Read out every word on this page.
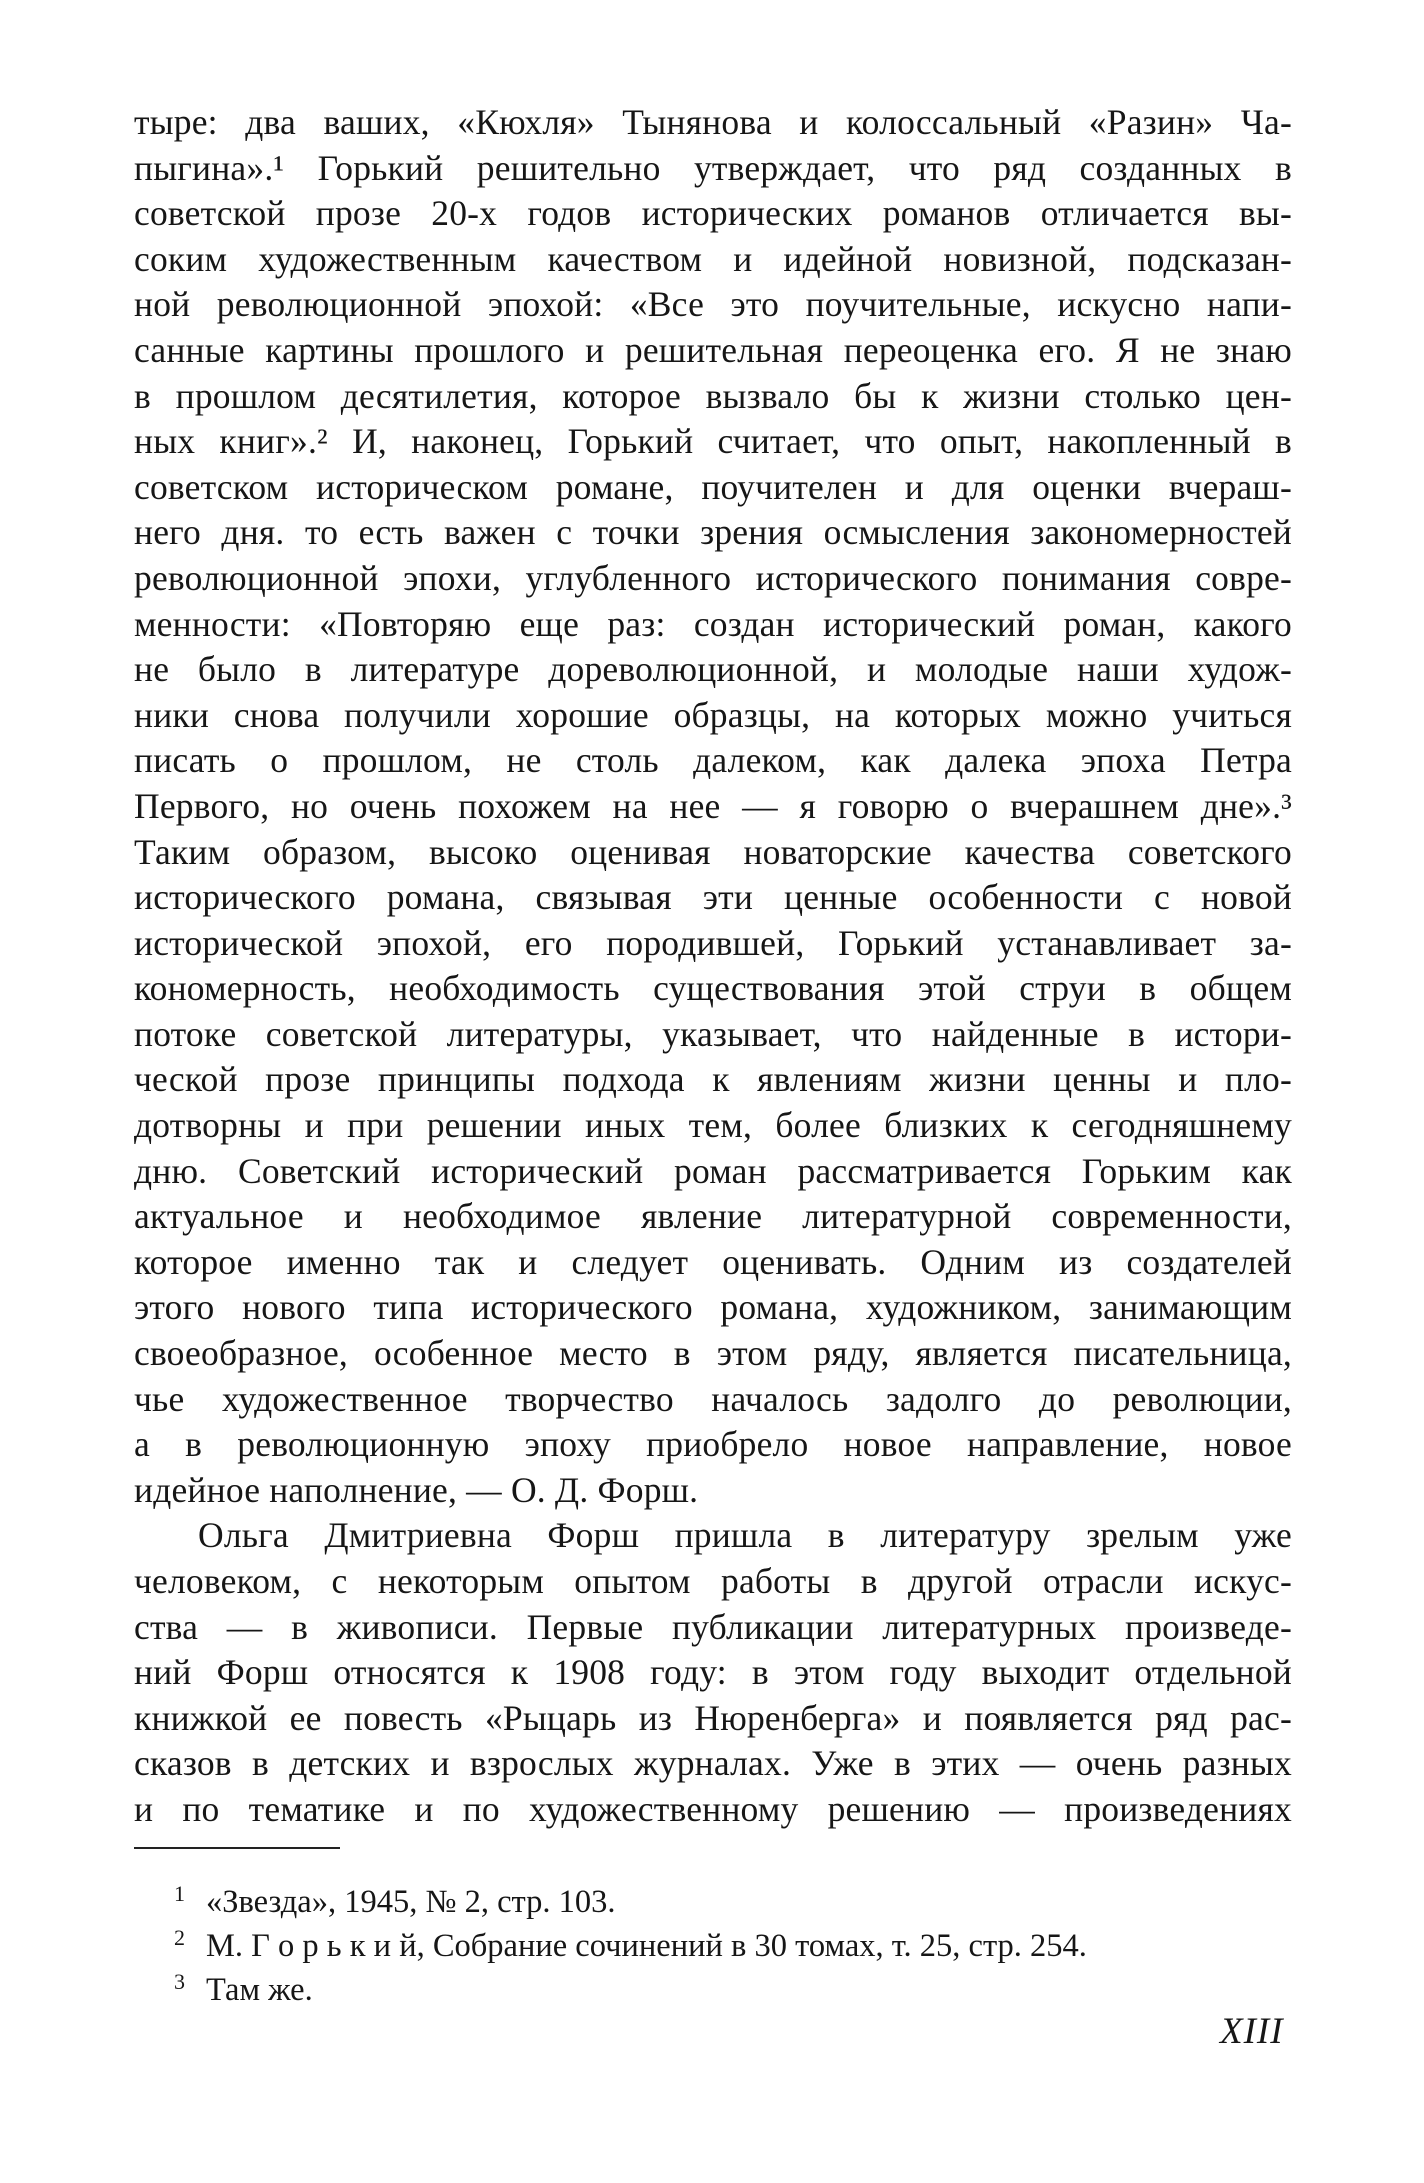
тыре: два ваших, «Кюхля» Тынянова и колоссальный «Разин» Ча-
пыгина».¹ Горький решительно утверждает, что ряд созданных в
советской прозе 20-х годов исторических романов отличается вы-
соким художественным качеством и идейной новизной, подсказан-
ной революционной эпохой: «Все это поучительные, искусно напи-
санные картины прошлого и решительная переоценка его. Я не знаю
в прошлом десятилетия, которое вызвало бы к жизни столько цен-
ных книг».² И, наконец, Горький считает, что опыт, накопленный в
советском историческом романе, поучителен и для оценки вчераш-
него дня. то есть важен с точки зрения осмысления закономерностей
революционной эпохи, углубленного исторического понимания совре-
менности: «Повторяю еще раз: создан исторический роман, какого
не было в литературе дореволюционной, и молодые наши худож-
ники снова получили хорошие образцы, на которых можно учиться
писать о прошлом, не столь далеком, как далека эпоха Петра
Первого, но очень похожем на нее — я говорю о вчерашнем дне».³
Таким образом, высоко оценивая новаторские качества советского
исторического романа, связывая эти ценные особенности с новой
исторической эпохой, его породившей, Горький устанавливает за-
кономерность, необходимость существования этой струи в общем
потоке советской литературы, указывает, что найденные в истори-
ческой прозе принципы подхода к явлениям жизни ценны и пло-
дотворны и при решении иных тем, более близких к сегодняшнему
дню. Советский исторический роман рассматривается Горьким как
актуальное и необходимое явление литературной современности,
которое именно так и следует оценивать. Одним из создателей
этого нового типа исторического романа, художником, занимающим
своеобразное, особенное место в этом ряду, является писательница,
чье художественное творчество началось задолго до революции,
а в революционную эпоху приобрело новое направление, новое
идейное наполнение, — О. Д. Форш.
Ольга Дмитриевна Форш пришла в литературу зрелым уже
человеком, с некоторым опытом работы в другой отрасли искус-
ства — в живописи. Первые публикации литературных произведе-
ний Форш относятся к 1908 году: в этом году выходит отдельной
книжкой ее повесть «Рыцарь из Нюренберга» и появляется ряд рас-
сказов в детских и взрослых журналах. Уже в этих — очень разных
и по тематике и по художественному решению — произведениях
1 «Звезда», 1945, № 2, стр. 103.
2 М. Г о р ь к и й, Собрание сочинений в 30 томах, т. 25, стр. 254.
3 Там же.
XIII
